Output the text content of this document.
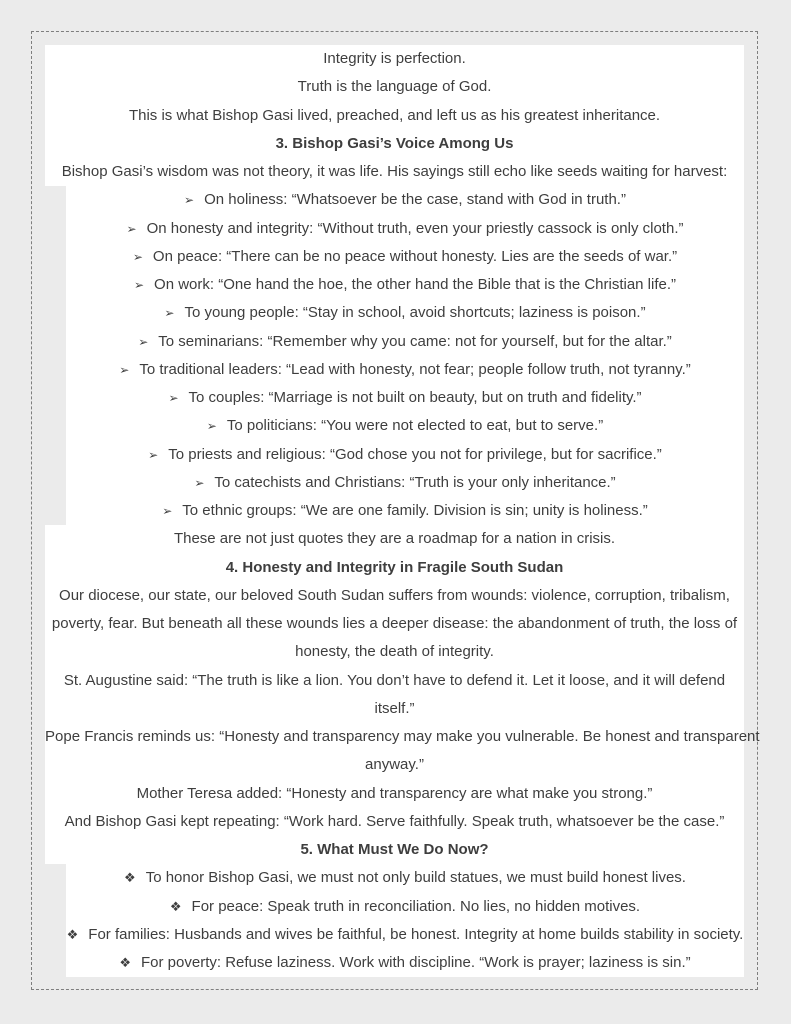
Integrity is perfection.
Truth is the language of God.
This is what Bishop Gasi lived, preached, and left us as his greatest inheritance.
3. Bishop Gasi’s Voice Among Us
Bishop Gasi’s wisdom was not theory, it was life. His sayings still echo like seeds waiting for harvest:
➢ On holiness: “Whatsoever be the case, stand with God in truth.”
➢ On honesty and integrity: “Without truth, even your priestly cassock is only cloth.”
➢ On peace: “There can be no peace without honesty. Lies are the seeds of war.”
➢ On work: “One hand the hoe, the other hand the Bible that is the Christian life.”
➢ To young people: “Stay in school, avoid shortcuts; laziness is poison.”
➢ To seminarians: “Remember why you came: not for yourself, but for the altar.”
➢ To traditional leaders: “Lead with honesty, not fear; people follow truth, not tyranny.”
➢ To couples: “Marriage is not built on beauty, but on truth and fidelity.”
➢ To politicians: “You were not elected to eat, but to serve.”
➢ To priests and religious: “God chose you not for privilege, but for sacrifice.”
➢ To catechists and Christians: “Truth is your only inheritance.”
➢ To ethnic groups: “We are one family. Division is sin; unity is holiness.”
These are not just quotes they are a roadmap for a nation in crisis.
4. Honesty and Integrity in Fragile South Sudan
Our diocese, our state, our beloved South Sudan suffers from wounds: violence, corruption, tribalism,
poverty, fear. But beneath all these wounds lies a deeper disease: the abandonment of truth, the loss of
honesty, the death of integrity.
St. Augustine said: “The truth is like a lion. You don’t have to defend it. Let it loose, and it will defend
itself.”
Pope Francis reminds us: “Honesty and transparency may make you vulnerable. Be honest and transparent
anyway.”
Mother Teresa added: “Honesty and transparency are what make you strong.”
And Bishop Gasi kept repeating: “Work hard. Serve faithfully. Speak truth, whatsoever be the case.”
5. What Must We Do Now?
❖ To honor Bishop Gasi, we must not only build statues, we must build honest lives.
❖ For peace: Speak truth in reconciliation. No lies, no hidden motives.
❖ For families: Husbands and wives be faithful, be honest. Integrity at home builds stability in society.
❖ For poverty: Refuse laziness. Work with discipline. “Work is prayer; laziness is sin.”
